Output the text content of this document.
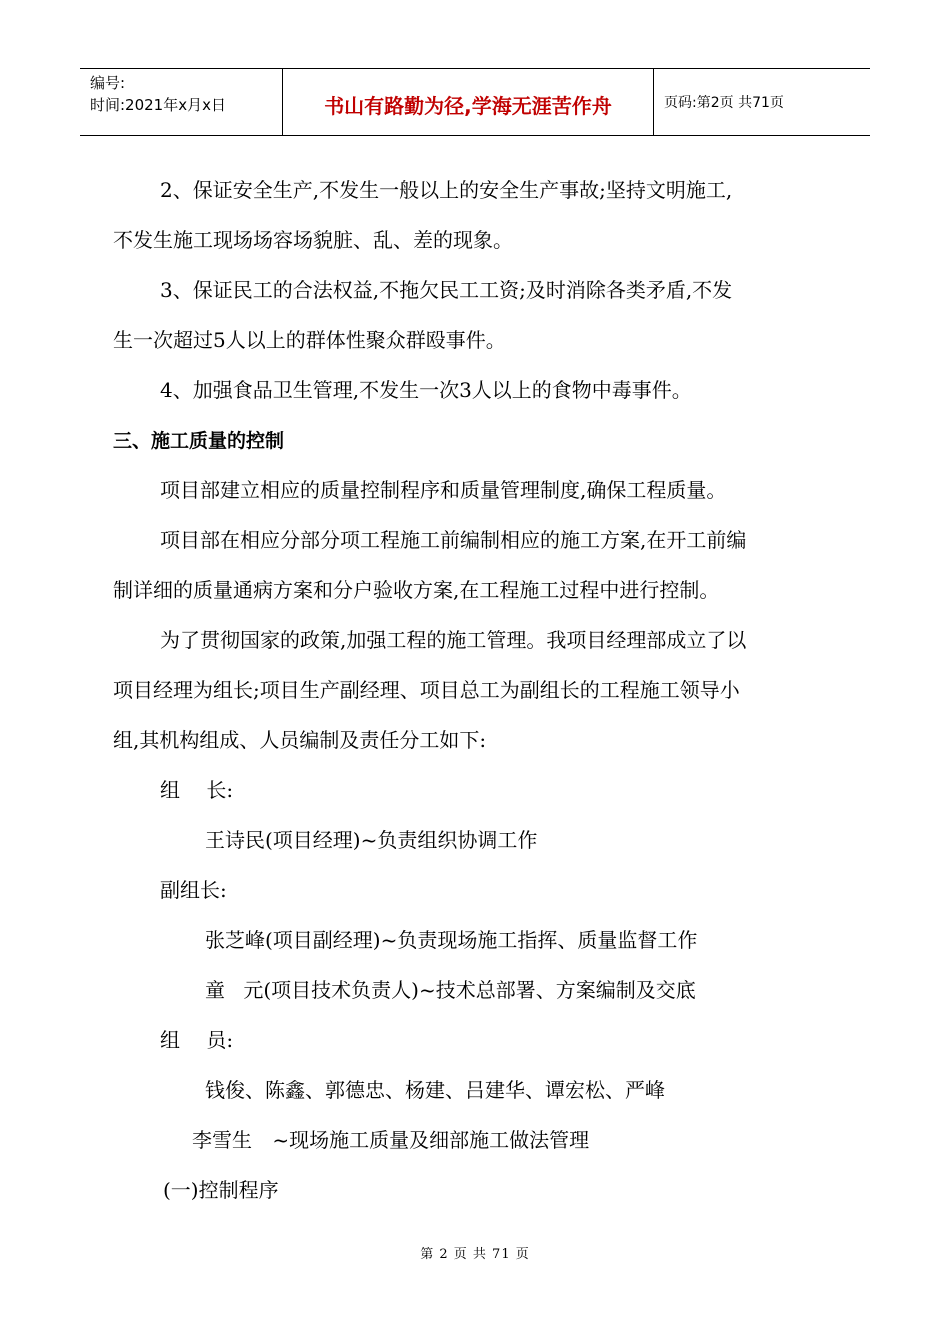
编号:
时间:2021年x月x日	书山有路勤为径,学海无涯苦作舟	页码:第2页 共71页
2、保证安全生产,不发生一般以上的安全生产事故;坚持文明施工,
不发生施工现场场容场貌脏、乱、差的现象。
3、保证民工的合法权益,不拖欠民工工资;及时消除各类矛盾,不发
生一次超过5人以上的群体性聚众群殴事件。
4、加强食品卫生管理,不发生一次3人以上的食物中毒事件。
三、施工质量的控制
项目部建立相应的质量控制程序和质量管理制度,确保工程质量。
项目部在相应分部分项工程施工前编制相应的施工方案,在开工前编
制详细的质量通病方案和分户验收方案,在工程施工过程中进行控制。
为了贯彻国家的政策,加强工程的施工管理。我项目经理部成立了以
项目经理为组长;项目生产副经理、项目总工为副组长的工程施工领导小
组,其机构组成、人员编制及责任分工如下:
组 长:
王诗民(项目经理)~负责组织协调工作
副组长:
张芝峰(项目副经理)~负责现场施工指挥、质量监督工作
童 元(项目技术负责人)~技术总部署、方案编制及交底
组 员:
钱俊、陈鑫、郭德忠、杨建、吕建华、谭宏松、严峰
李雪生 ~现场施工质量及细部施工做法管理
(一)控制程序
第 2 页 共 71 页
